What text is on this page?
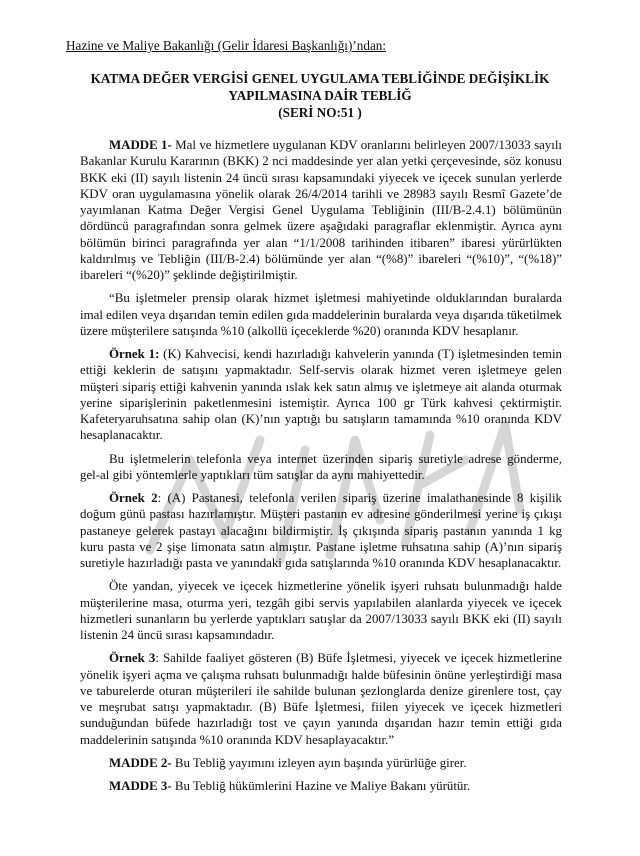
Hazine ve Maliye Bakanlığı (Gelir İdaresi Başkanlığı)’ndan:
KATMA DEĞER VERGİSİ GENEL UYGULAMA TEBLİĞİNDE DEĞİŞİKLİK
YAPILMASINA DAİR TEBLİĞ
(SERİ NO:51 )

MADDE 1- Mal ve hizmetlere uygulanan KDV oranlarını belirleyen 2007/13033 sayılı Bakanlar Kurulu Kararının (BKK) 2 nci maddesinde yer alan yetki çerçevesinde, söz konusu BKK eki (II) sayılı listenin 24 üncü sırası kapsamındaki yiyecek ve içecek sunulan yerlerde KDV oran uygulamasına yönelik olarak 26/4/2014 tarihli ve 28983 sayılı Resmî Gazete’de yayımlanan Katma Değer Vergisi Genel Uygulama Tebliğinin (III/B-2.4.1) bölümünün dördüncü paragrafından sonra gelmek üzere aşağıdaki paragraflar eklenmiştir. Ayrıca aynı bölümün birinci paragrafında yer alan “1/1/2008 tarihinden itibaren” ibaresi yürürlükten kaldırılmış ve Tebliğin (III/B-2.4) bölümünde yer alan “(%8)” ibareleri “(%10)”, “(%18)” ibareleri “(%20)” şeklinde değiştirilmiştir.

“Bu işletmeler prensip olarak hizmet işletmesi mahiyetinde olduklarından buralarda imal edilen veya dışarıdan temin edilen gıda maddelerinin buralarda veya dışarıda tüketilmek üzere müşterilere satışında %10 (alkollü içeceklerde %20) oranında KDV hesaplanır.

Örnek 1: (K) Kahvecisi, kendi hazırladığı kahvelerin yanında (T) işletmesinden temin ettiği keklerin de satışını yapmaktadır. Self-servis olarak hizmet veren işletmeye gelen müşteri sipariş ettiği kahvenin yanında ıslak kek satın almış ve işletmeye ait alanda oturmak yerine siparişlerinin paketlenmesini istemiştir. Ayrıca 100 gr Türk kahvesi çektirmiştir. Kafeteryaruhsatına sahip olan (K)’nın yaptığı bu satışların tamamında %10 oranında KDV hesaplanacaktır.

Bu işletmelerin telefonla veya internet üzerinden sipariş suretiyle adrese gönderme, gel-al gibi yöntemlerle yaptıkları tüm satışlar da aynı mahiyettedir.

Örnek 2: (A) Pastanesi, telefonla verilen sipariş üzerine imalathanesinde 8 kişilik doğum günü pastası hazırlamıştır. Müşteri pastanın ev adresine gönderilmesi yerine iş çıkışı pastaneye gelerek pastayı alacağını bildirmiştir. İş çıkışında sipariş pastanın yanında 1 kg kuru pasta ve 2 şişe limonata satın almıştır. Pastane işletme ruhsatına sahip (A)’nın sipariş suretiyle hazırladığı pasta ve yanındaki gıda satışlarında %10 oranında KDV hesaplanacaktır.

Öte yandan, yiyecek ve içecek hizmetlerine yönelik işyeri ruhsatı bulunmadığı halde müşterilerine masa, oturma yeri, tezgâh gibi servis yapılabilen alanlarda yiyecek ve içecek hizmetleri sunanların bu yerlerde yaptıkları satışlar da 2007/13033 sayılı BKK eki (II) sayılı listenin 24 üncü sırası kapsamındadır.

Örnek 3: Sahilde faaliyet gösteren (B) Büfe İşletmesi, yiyecek ve içecek hizmetlerine yönelik işyeri açma ve çalışma ruhsatı bulunmadığı halde büfesinin önüne yerleştirdiği masa ve taburelerde oturan müşterileri ile sahilde bulunan şezlonglarda denize girenlere tost, çay ve meşrubat satışı yapmaktadır. (B) Büfe İşletmesi, fiilen yiyecek ve içecek hizmetleri sunduğundan büfede hazırladığı tost ve çayın yanında dışarıdan hazır temin ettiği gıda maddelerinin satışında %10 oranında KDV hesaplayacaktır.”

MADDE 2- Bu Tebliğ yayımını izleyen ayın başında yürürlüğe girer.

MADDE 3- Bu Tebliğ hükümlerini Hazine ve Maliye Bakanı yürütür.
